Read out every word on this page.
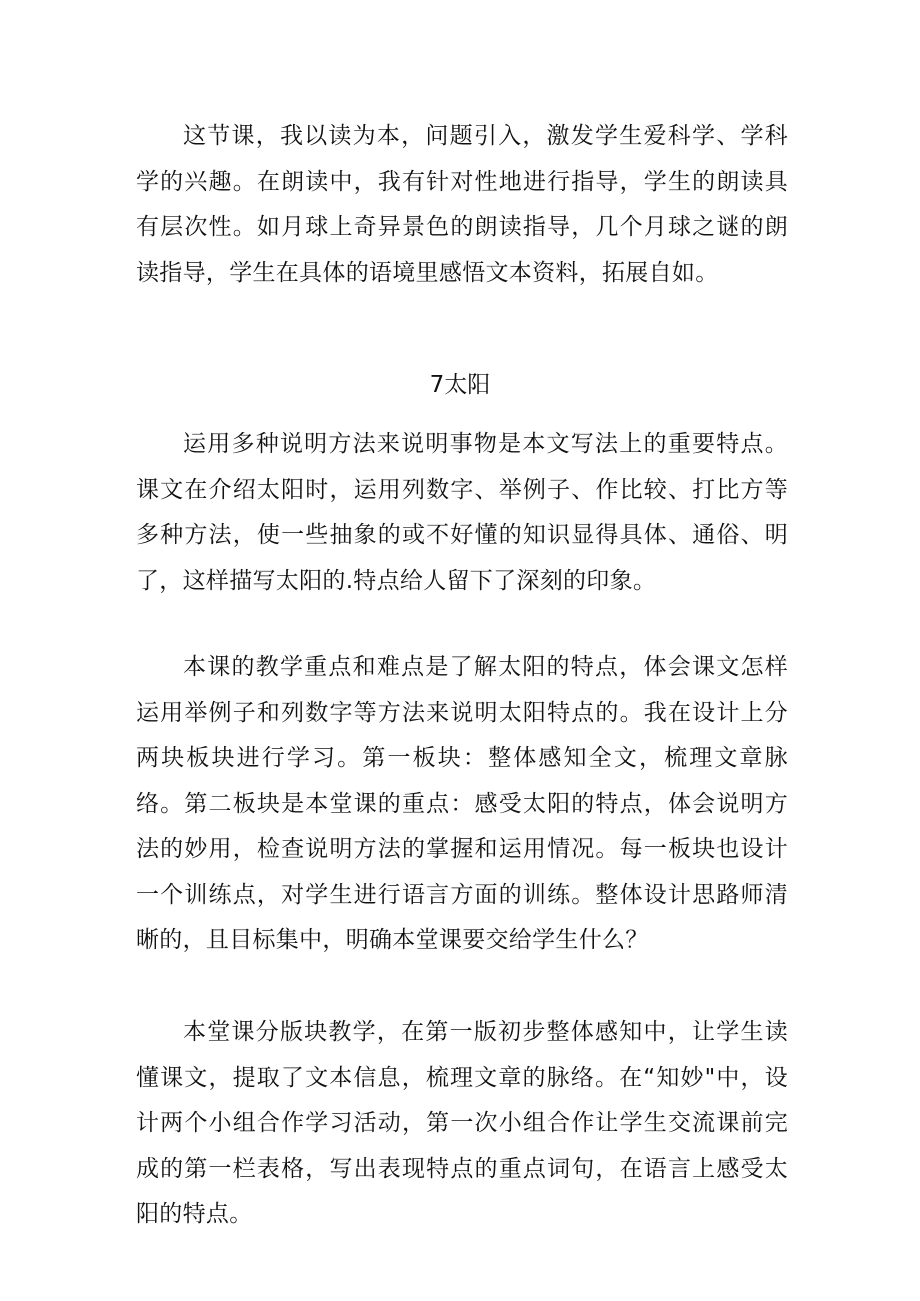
这节课，我以读为本，问题引入，激发学生爱科学、学科学的兴趣。在朗读中，我有针对性地进行指导，学生的朗读具有层次性。如月球上奇异景色的朗读指导，几个月球之谜的朗读指导，学生在具体的语境里感悟文本资料，拓展自如。

7太阳

运用多种说明方法来说明事物是本文写法上的重要特点。课文在介绍太阳时，运用列数字、举例子、作比较、打比方等多种方法，使一些抽象的或不好懂的知识显得具体、通俗、明了，这样描写太阳的.特点给人留下了深刻的印象。

本课的教学重点和难点是了解太阳的特点，体会课文怎样运用举例子和列数字等方法来说明太阳特点的。我在设计上分两块板块进行学习。第一板块：整体感知全文，梳理文章脉络。第二板块是本堂课的重点：感受太阳的特点，体会说明方法的妙用，检查说明方法的掌握和运用情况。每一板块也设计一个训练点，对学生进行语言方面的训练。整体设计思路师清晰的，且目标集中，明确本堂课要交给学生什么？

本堂课分版块教学，在第一版初步整体感知中，让学生读懂课文，提取了文本信息，梳理文章的脉络。在“知妙"中，设计两个小组合作学习活动，第一次小组合作让学生交流课前完成的第一栏表格，写出表现特点的重点词句，在语言上感受太阳的特点。
